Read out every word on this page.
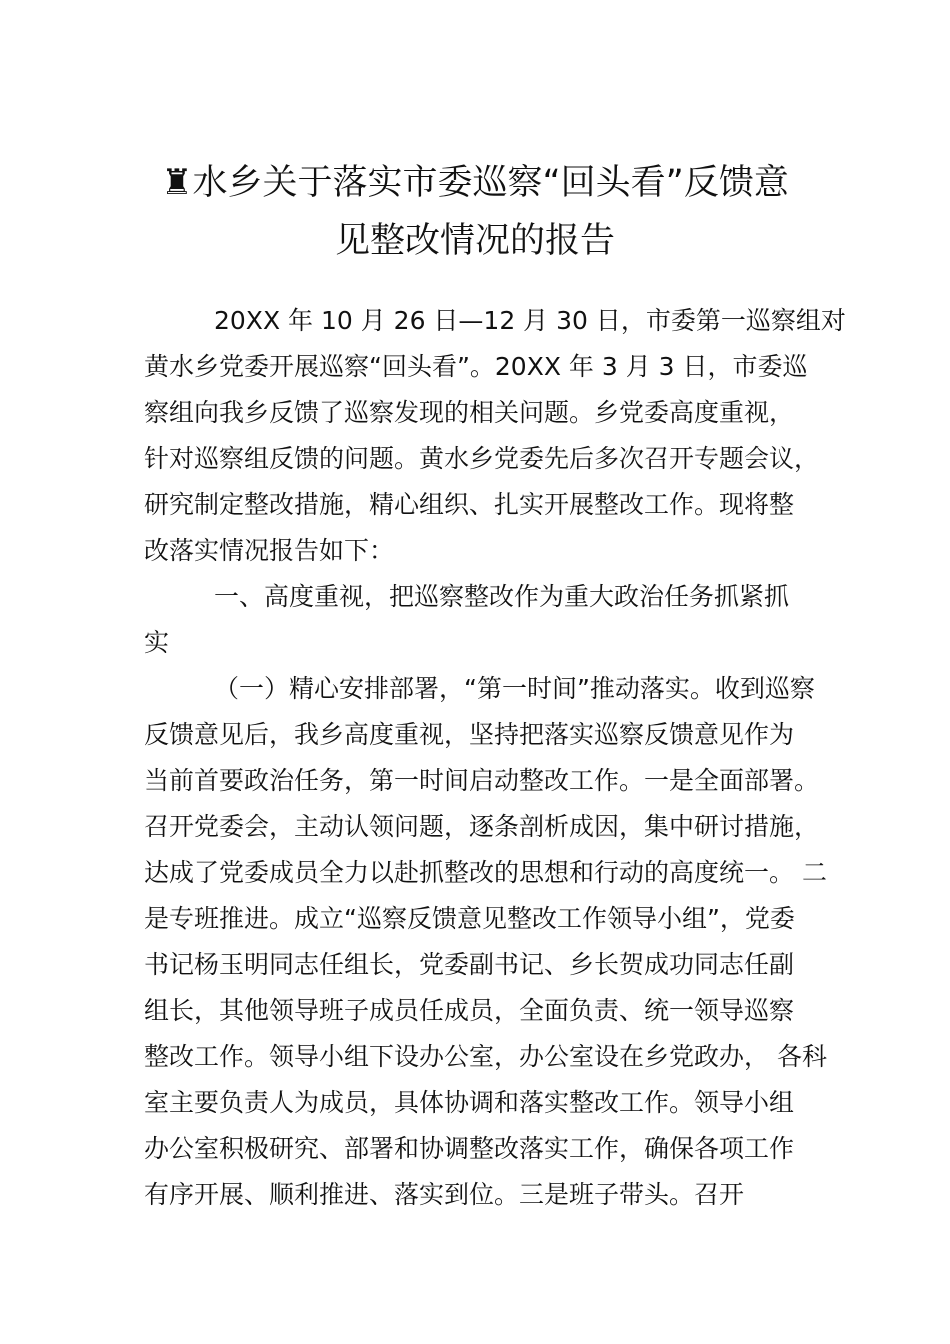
♜水乡关于落实市委巡察“回头看”反馈意
见整改情况的报告
20XX 年 10 月 26 日—12 月 30 日，市委第一巡察组对
黄水乡党委开展巡察“回头看”。20XX 年 3 月 3 日，市委巡
察组向我乡反馈了巡察发现的相关问题。乡党委高度重视，
针对巡察组反馈的问题。黄水乡党委先后多次召开专题会议，
研究制定整改措施，精心组织、扎实开展整改工作。现将整
改落实情况报告如下：
一、高度重视，把巡察整改作为重大政治任务抓紧抓
实
（一）精心安排部署，“第一时间”推动落实。收到巡察
反馈意见后，我乡高度重视，坚持把落实巡察反馈意见作为
当前首要政治任务，第一时间启动整改工作。一是全面部署。
召开党委会，主动认领问题，逐条剖析成因，集中研讨措施，
达成了党委成员全力以赴抓整改的思想和行动的高度统一。 二
是专班推进。成立“巡察反馈意见整改工作领导小组”，党委
书记杨玉明同志任组长，党委副书记、乡长贺成功同志任副
组长，其他领导班子成员任成员，全面负责、统一领导巡察
整改工作。领导小组下设办公室，办公室设在乡党政办， 各科
室主要负责人为成员，具体协调和落实整改工作。领导小组
办公室积极研究、部署和协调整改落实工作，确保各项工作
有序开展、顺利推进、落实到位。三是班子带头。召开
